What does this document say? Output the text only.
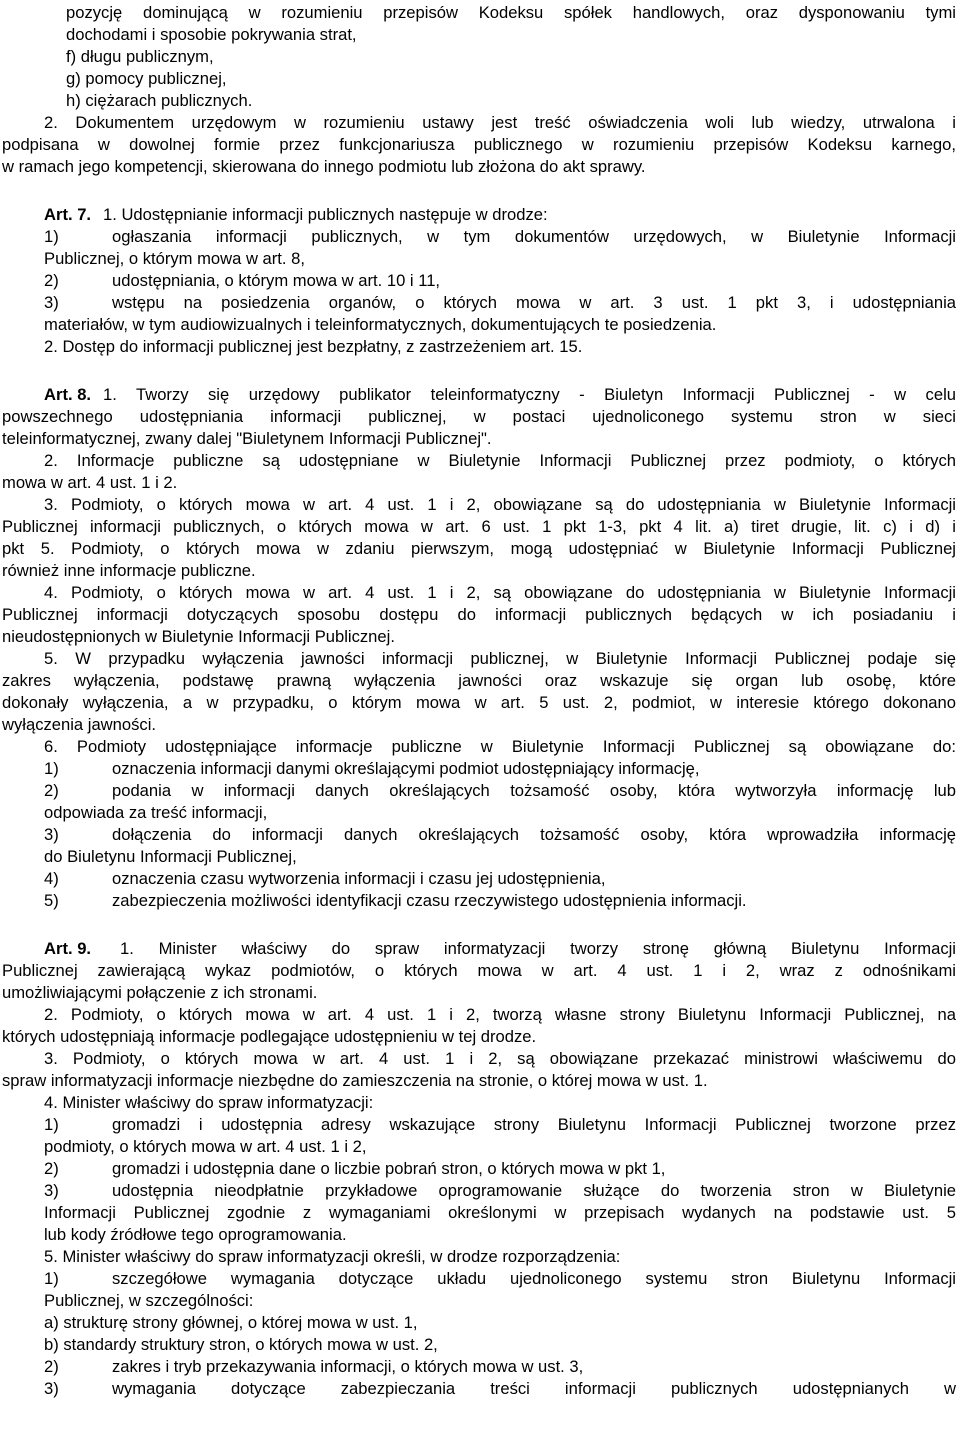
pozycję dominującą w rozumieniu przepisów Kodeksu spółek handlowych, oraz dysponowaniu tymi
dochodami i sposobie pokrywania strat,
f) długu publicznym,
g) pomocy publicznej,
h) ciężarach publicznych.
2. Dokumentem urzędowym w rozumieniu ustawy jest treść oświadczenia woli lub wiedzy, utrwalona i
podpisana w dowolnej formie przez funkcjonariusza publicznego w rozumieniu przepisów Kodeksu karnego,
w ramach jego kompetencji, skierowana do innego podmiotu lub złożona do akt sprawy.
Art. 7. 1. Udostępnianie informacji publicznych następuje w drodze:
1)	ogłaszania informacji publicznych, w tym dokumentów urzędowych, w Biuletynie Informacji
Publicznej, o którym mowa w art. 8,
2)	udostępniania, o którym mowa w art. 10 i 11,
3)	wstępu na posiedzenia organów, o których mowa w art. 3 ust. 1 pkt 3, i udostępniania
materiałów, w tym audiowizualnych i teleinformatycznych, dokumentujących te posiedzenia.
2. Dostęp do informacji publicznej jest bezpłatny, z zastrzeżeniem art. 15.
Art. 8. 1. Tworzy się urzędowy publikator teleinformatyczny - Biuletyn Informacji Publicznej - w celu
powszechnego udostępniania informacji publicznej, w postaci ujednoliconego systemu stron w sieci
teleinformatycznej, zwany dalej "Biuletynem Informacji Publicznej".
2. Informacje publiczne są udostępniane w Biuletynie Informacji Publicznej przez podmioty, o których
mowa w art. 4 ust. 1 i 2.
3. Podmioty, o których mowa w art. 4 ust. 1 i 2, obowiązane są do udostępniania w Biuletynie Informacji
Publicznej informacji publicznych, o których mowa w art. 6 ust. 1 pkt 1-3, pkt 4 lit. a) tiret drugie, lit. c) i d) i
pkt 5. Podmioty, o których mowa w zdaniu pierwszym, mogą udostępniać w Biuletynie Informacji Publicznej
również inne informacje publiczne.
4. Podmioty, o których mowa w art. 4 ust. 1 i 2, są obowiązane do udostępniania w Biuletynie Informacji
Publicznej informacji dotyczących sposobu dostępu do informacji publicznych będących w ich posiadaniu i
nieudostępnionych w Biuletynie Informacji Publicznej.
5. W przypadku wyłączenia jawności informacji publicznej, w Biuletynie Informacji Publicznej podaje się
zakres wyłączenia, podstawę prawną wyłączenia jawności oraz wskazuje się organ lub osobę, które
dokonały wyłączenia, a w przypadku, o którym mowa w art. 5 ust. 2, podmiot, w interesie którego dokonano
wyłączenia jawności.
6. Podmioty udostępniające informacje publiczne w Biuletynie Informacji Publicznej są obowiązane do:
1)	oznaczenia informacji danymi określającymi podmiot udostępniający informację,
2)	podania w informacji danych określających tożsamość osoby, która wytworzyła informację lub
odpowiada za treść informacji,
3)	dołączenia do informacji danych określających tożsamość osoby, która wprowadziła informację
do Biuletynu Informacji Publicznej,
4)	oznaczenia czasu wytworzenia informacji i czasu jej udostępnienia,
5)	zabezpieczenia możliwości identyfikacji czasu rzeczywistego udostępnienia informacji.
Art. 9. 1. Minister właściwy do spraw informatyzacji tworzy stronę główną Biuletynu Informacji
Publicznej zawierającą wykaz podmiotów, o których mowa w art. 4 ust. 1 i 2, wraz z odnośnikami
umożliwiającymi połączenie z ich stronami.
2. Podmioty, o których mowa w art. 4 ust. 1 i 2, tworzą własne strony Biuletynu Informacji Publicznej, na
których udostępniają informacje podlegające udostępnieniu w tej drodze.
3. Podmioty, o których mowa w art. 4 ust. 1 i 2, są obowiązane przekazać ministrowi właściwemu do
spraw informatyzacji informacje niezbędne do zamieszczenia na stronie, o której mowa w ust. 1.
4. Minister właściwy do spraw informatyzacji:
1)	gromadzi i udostępnia adresy wskazujące strony Biuletynu Informacji Publicznej tworzone przez
podmioty, o których mowa w art. 4 ust. 1 i 2,
2)	gromadzi i udostępnia dane o liczbie pobrań stron, o których mowa w pkt 1,
3)	udostępnia nieodpłatnie przykładowe oprogramowanie służące do tworzenia stron w Biuletynie
Informacji Publicznej zgodnie z wymaganiami określonymi w przepisach wydanych na podstawie ust. 5
lub kody źródłowe tego oprogramowania.
5. Minister właściwy do spraw informatyzacji określi, w drodze rozporządzenia:
1)	szczegółowe wymagania dotyczące układu ujednoliconego systemu stron Biuletynu Informacji
Publicznej, w szczególności:
a) strukturę strony głównej, o której mowa w ust. 1,
b) standardy struktury stron, o których mowa w ust. 2,
2)	zakres i tryb przekazywania informacji, o których mowa w ust. 3,
3)	wymagania dotyczące zabezpieczania treści informacji publicznych udostępnianych w
